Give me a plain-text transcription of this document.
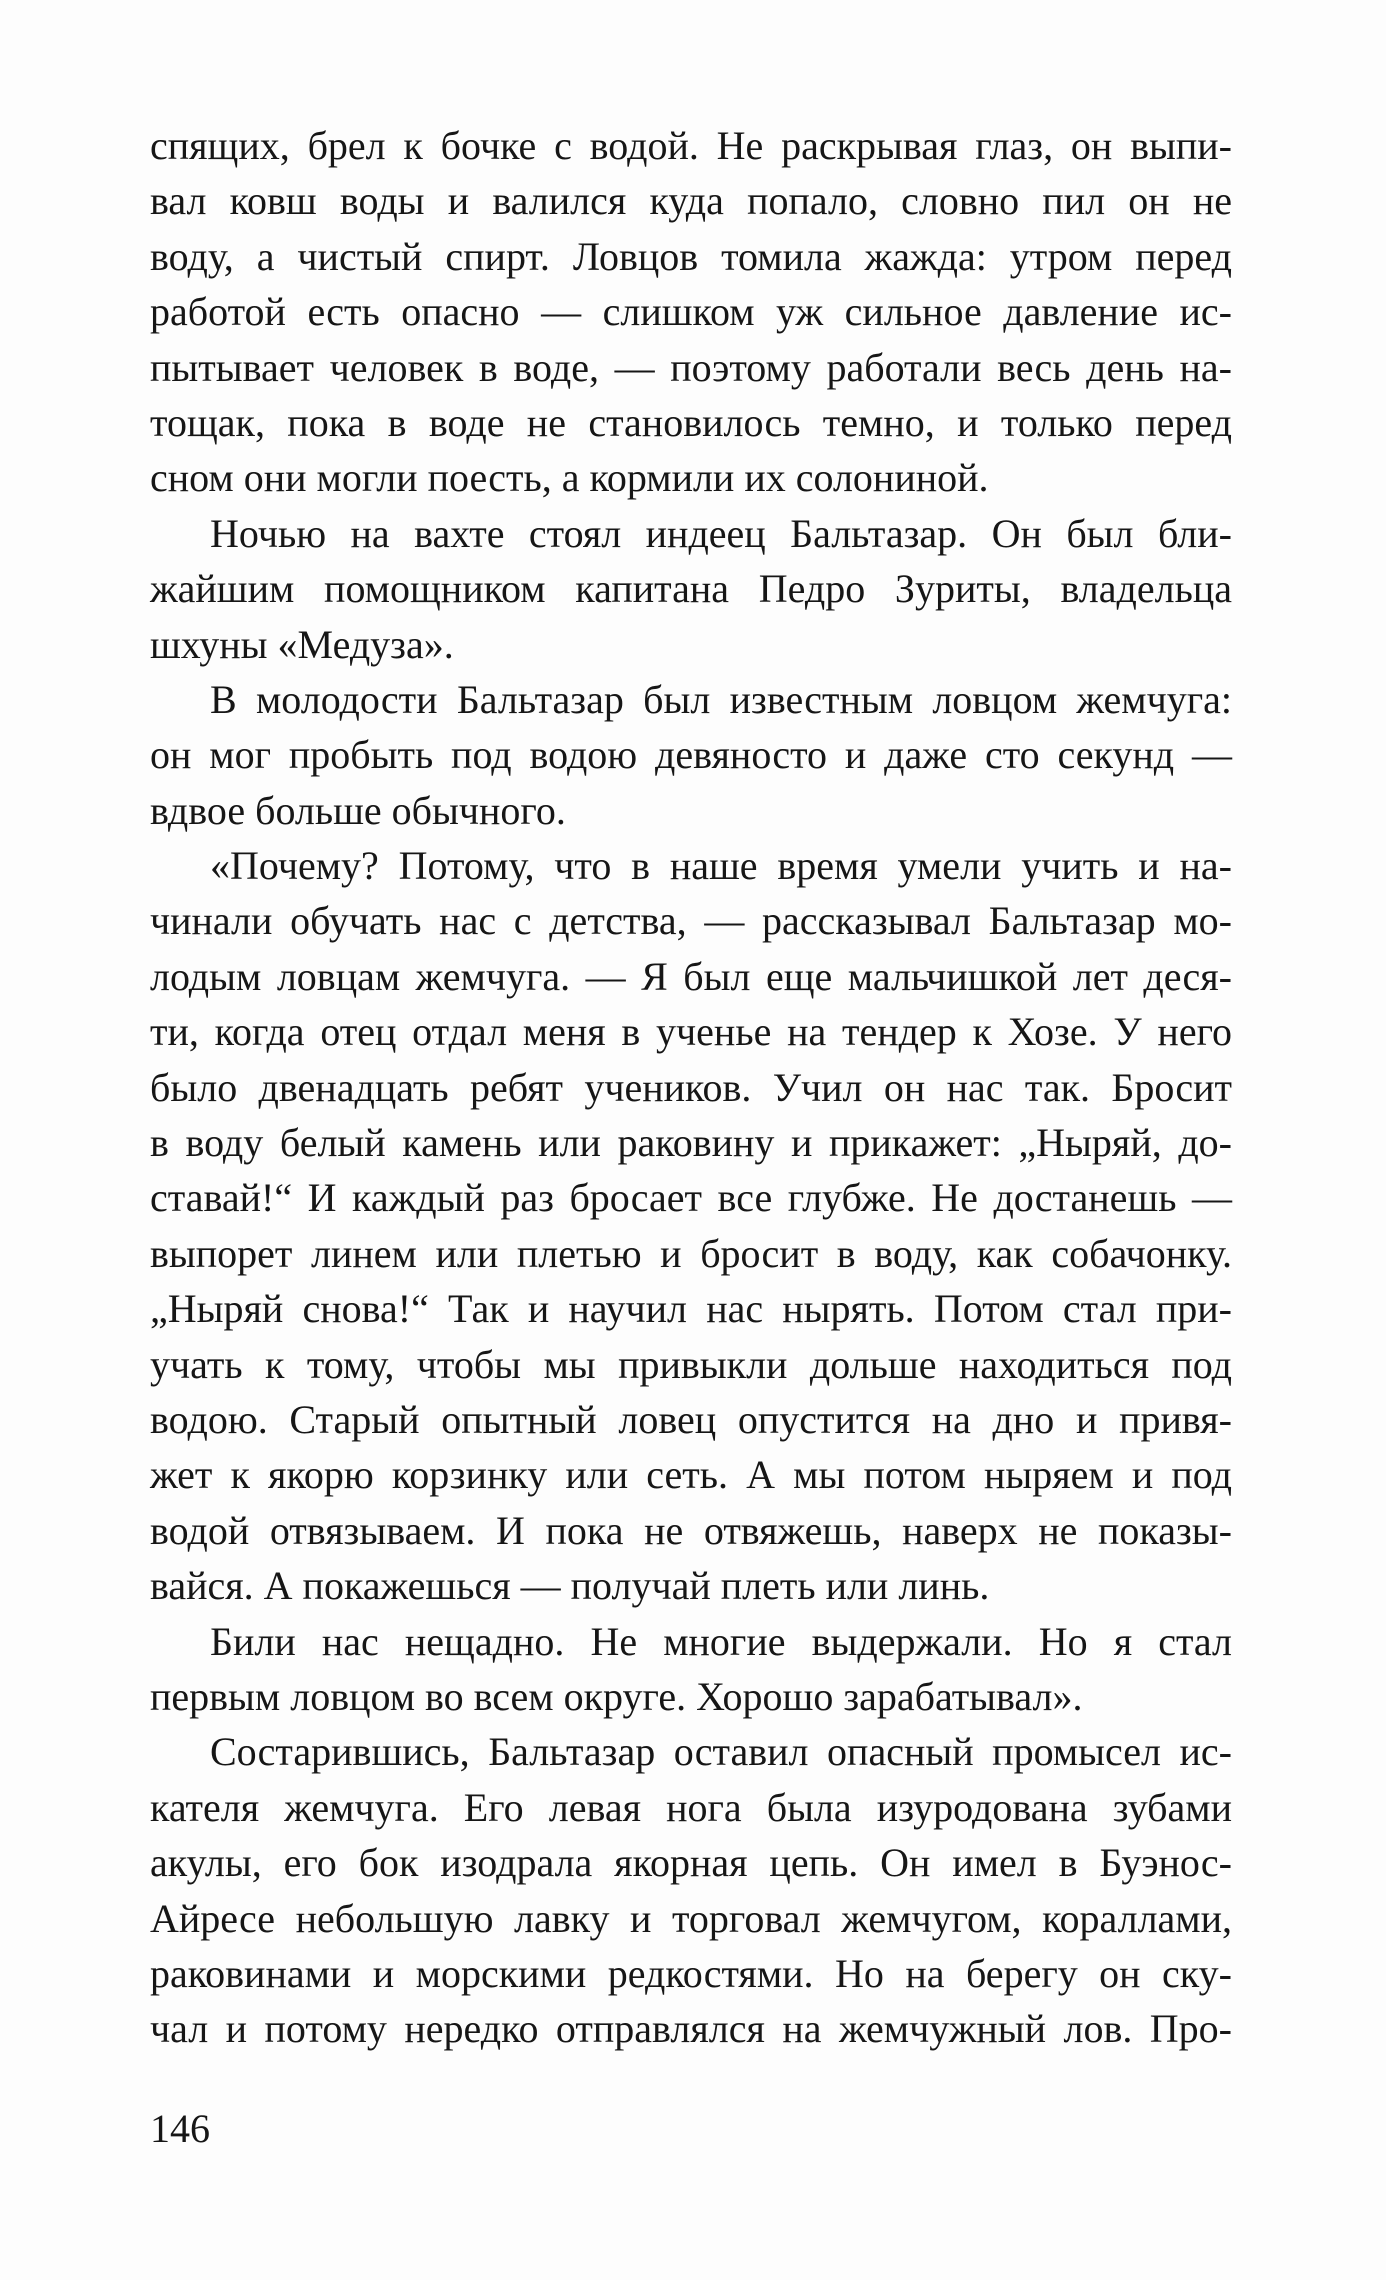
спящих, брел к бочке с водой. Не раскрывая глаз, он выпи-
вал ковш воды и валился куда попало, словно пил он не
воду, а чистый спирт. Ловцов томила жажда: утром перед
работой есть опасно — слишком уж сильное давление ис-
пытывает человек в воде, — поэтому работали весь день на-
тощак, пока в воде не становилось темно, и только перед
сном они могли поесть, а кормили их солониной.
Ночью на вахте стоял индеец Бальтазар. Он был бли-
жайшим помощником капитана Педро Зуриты, владельца
шхуны «Медуза».
В молодости Бальтазар был известным ловцом жемчуга:
он мог пробыть под водою девяносто и даже сто секунд —
вдвое больше обычного.
«Почему? Потому, что в наше время умели учить и на-
чинали обучать нас с детства, — рассказывал Бальтазар мо-
лодым ловцам жемчуга. — Я был еще мальчишкой лет деся-
ти, когда отец отдал меня в ученье на тендер к Хозе. У него
было двенадцать ребят учеников. Учил он нас так. Бросит
в воду белый камень или раковину и прикажет: „Ныряй, до-
ставай!“ И каждый раз бросает все глубже. Не достанешь —
выпорет линем или плетью и бросит в воду, как собачонку.
„Ныряй снова!“ Так и научил нас нырять. Потом стал при-
учать к тому, чтобы мы привыкли дольше находиться под
водою. Старый опытный ловец опустится на дно и привя-
жет к якорю корзинку или сеть. А мы потом ныряем и под
водой отвязываем. И пока не отвяжешь, наверх не показы-
вайся. А покажешься — получай плеть или линь.
Били нас нещадно. Не многие выдержали. Но я стал
первым ловцом во всем округе. Хорошо зарабатывал».
Состарившись, Бальтазар оставил опасный промысел ис-
кателя жемчуга. Его левая нога была изуродована зубами
акулы, его бок изодрала якорная цепь. Он имел в Буэнос-
Айресе небольшую лавку и торговал жемчугом, кораллами,
раковинами и морскими редкостями. Но на берегу он ску-
чал и потому нередко отправлялся на жемчужный лов. Про-
146
